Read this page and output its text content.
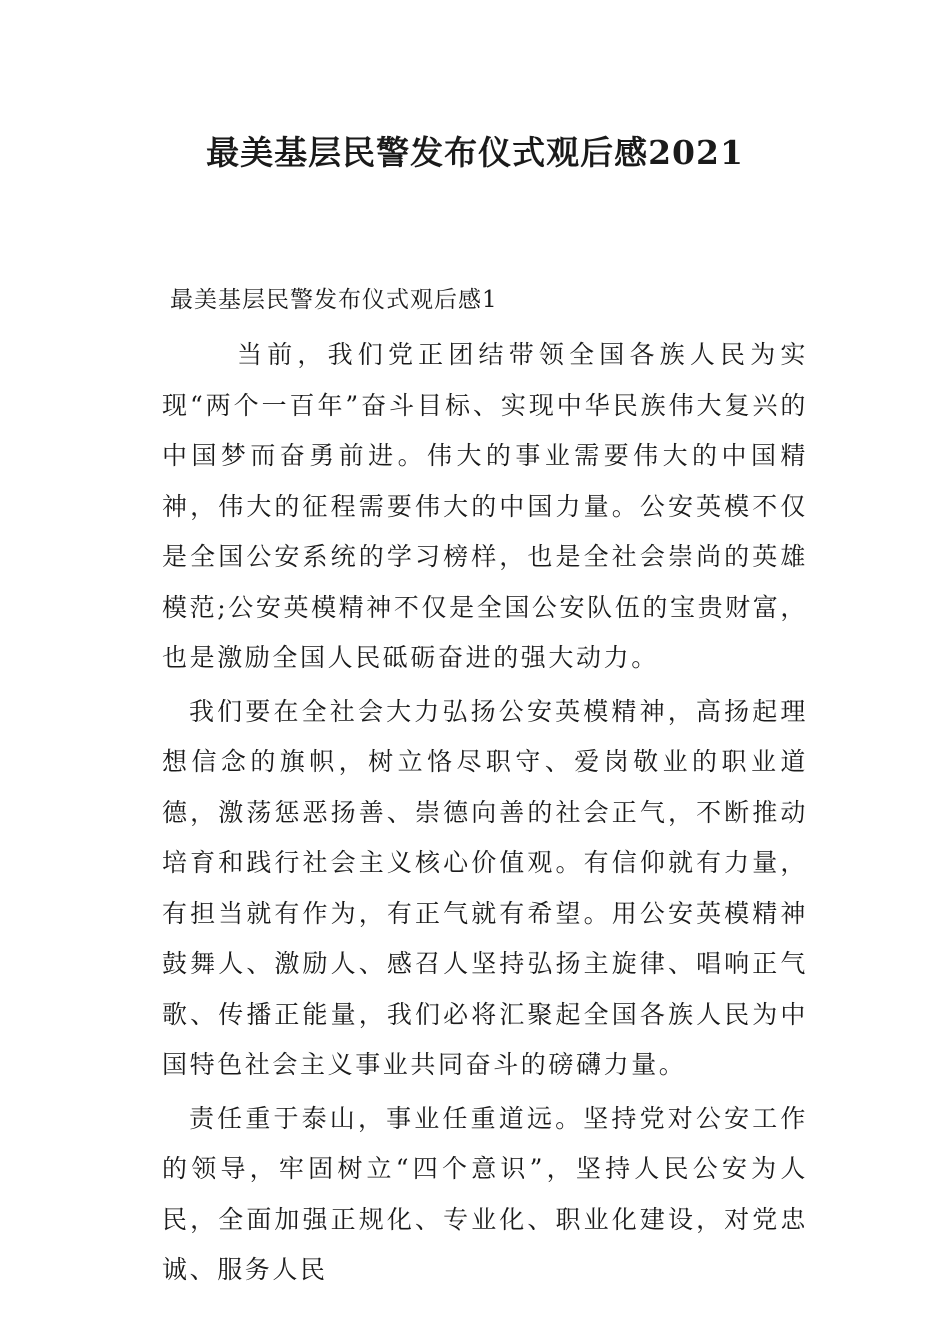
最美基层民警发布仪式观后感2021

最美基层民警发布仪式观后感1

当前，我们党正团结带领全国各族人民为实现“两个一百年”奋斗目标、实现中华民族伟大复兴的中国梦而奋勇前进。伟大的事业需要伟大的中国精神，伟大的征程需要伟大的中国力量。公安英模不仅是全国公安系统的学习榜样，也是全社会崇尚的英雄模范;公安英模精神不仅是全国公安队伍的宝贵财富，也是激励全国人民砥砺奋进的强大动力。

我们要在全社会大力弘扬公安英模精神，高扬起理想信念的旗帜，树立恪尽职守、爱岗敬业的职业道德，激荡惩恶扬善、崇德向善的社会正气，不断推动培育和践行社会主义核心价值观。有信仰就有力量，有担当就有作为，有正气就有希望。用公安英模精神鼓舞人、激励人、感召人坚持弘扬主旋律、唱响正气歌、传播正能量，我们必将汇聚起全国各族人民为中国特色社会主义事业共同奋斗的磅礴力量。

责任重于泰山，事业任重道远。坚持党对公安工作的领导，牢固树立“四个意识”，坚持人民公安为人民，全面加强正规化、专业化、职业化建设，对党忠诚、服务人民
